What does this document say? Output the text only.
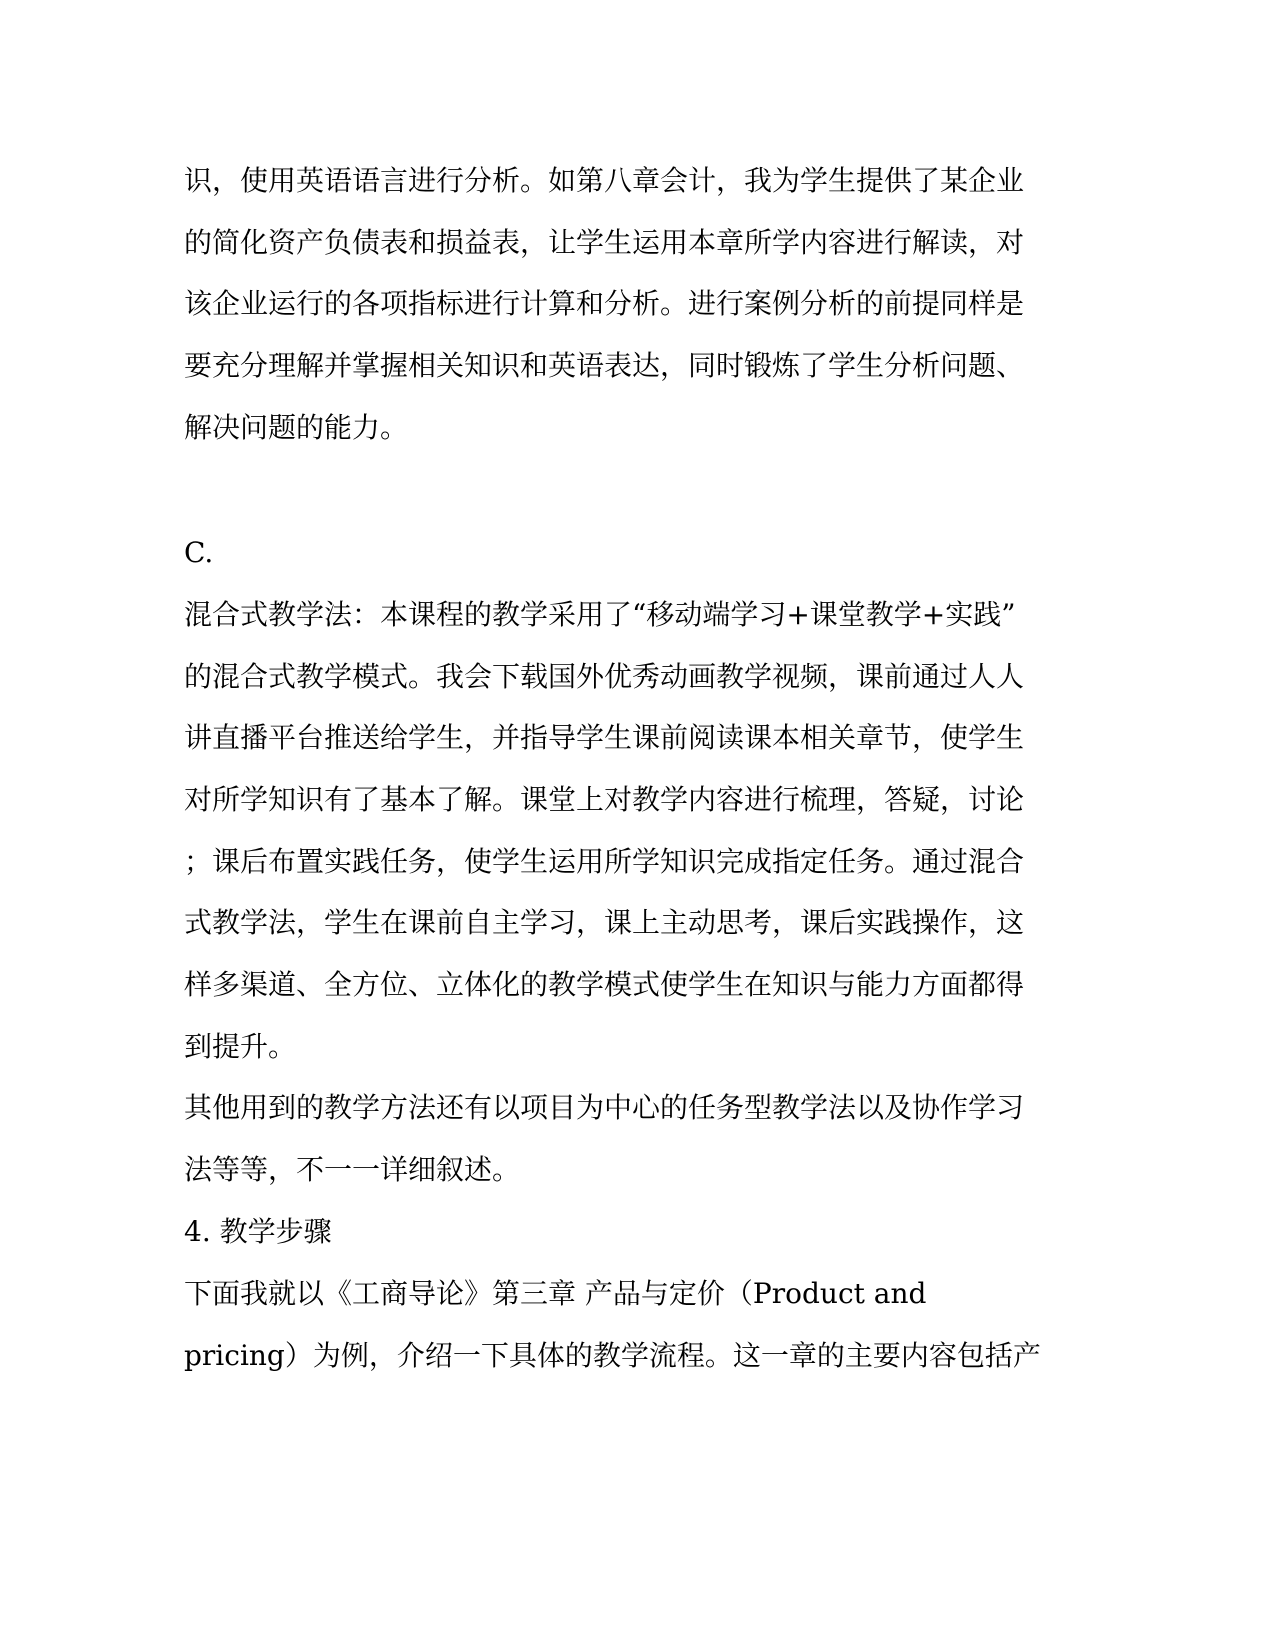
识，使用英语语言进行分析。如第八章会计，我为学生提供了某企业
的简化资产负债表和损益表，让学生运用本章所学内容进行解读，对
该企业运行的各项指标进行计算和分析。进行案例分析的前提同样是
要充分理解并掌握相关知识和英语表达，同时锻炼了学生分析问题、
解决问题的能力。
C.
混合式教学法：本课程的教学采用了“移动端学习+课堂教学+实践”
的混合式教学模式。我会下载国外优秀动画教学视频，课前通过人人
讲直播平台推送给学生，并指导学生课前阅读课本相关章节，使学生
对所学知识有了基本了解。课堂上对教学内容进行梳理，答疑，讨论
；课后布置实践任务，使学生运用所学知识完成指定任务。通过混合
式教学法，学生在课前自主学习，课上主动思考，课后实践操作，这
样多渠道、全方位、立体化的教学模式使学生在知识与能力方面都得
到提升。
其他用到的教学方法还有以项目为中心的任务型教学法以及协作学习
法等等，不一一详细叙述。
4. 教学步骤
下面我就以《工商导论》第三章 产品与定价（Product and
pricing）为例，介绍一下具体的教学流程。这一章的主要内容包括产
